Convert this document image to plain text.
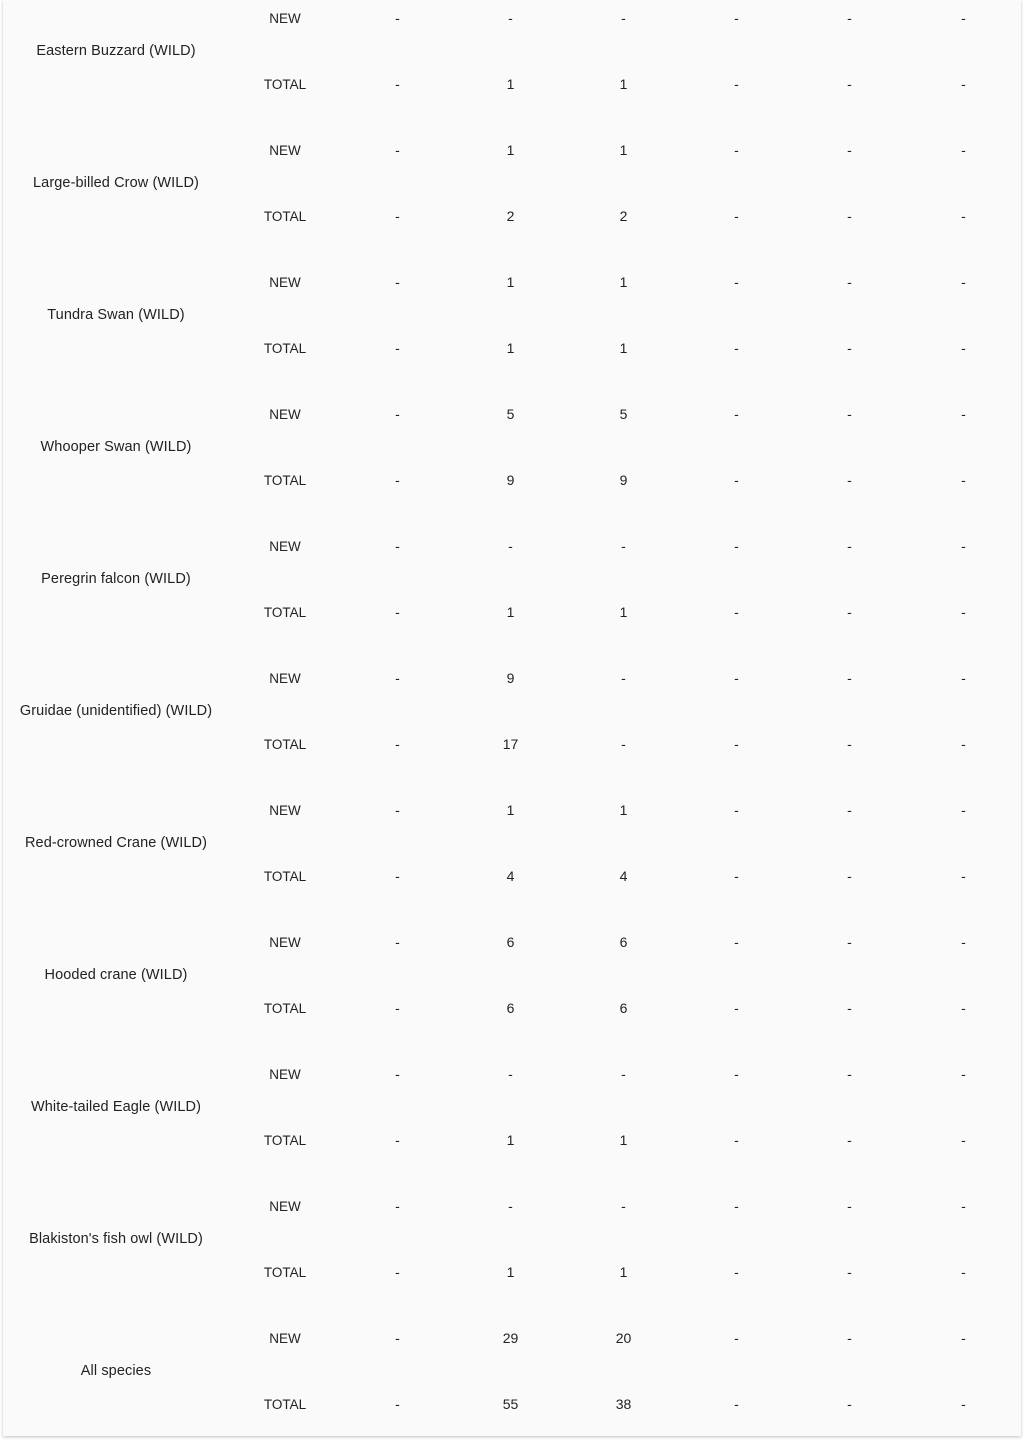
Eastern Buzzard (WILD)	NEW	-	-	-	-	-	-
	TOTAL	-	1	1	-	-	-
Large-billed Crow (WILD)	NEW	-	1	1	-	-	-
	TOTAL	-	2	2	-	-	-
Tundra Swan (WILD)	NEW	-	1	1	-	-	-
	TOTAL	-	1	1	-	-	-
Whooper Swan (WILD)	NEW	-	5	5	-	-	-
	TOTAL	-	9	9	-	-	-
Peregrin falcon (WILD)	NEW	-	-	-	-	-	-
	TOTAL	-	1	1	-	-	-
Gruidae (unidentified) (WILD)	NEW	-	9	-	-	-	-
	TOTAL	-	17	-	-	-	-
Red-crowned Crane (WILD)	NEW	-	1	1	-	-	-
	TOTAL	-	4	4	-	-	-
Hooded crane (WILD)	NEW	-	6	6	-	-	-
	TOTAL	-	6	6	-	-	-
White-tailed Eagle (WILD)	NEW	-	-	-	-	-	-
	TOTAL	-	1	1	-	-	-
Blakiston's fish owl (WILD)	NEW	-	-	-	-	-	-
	TOTAL	-	1	1	-	-	-
All species	NEW	-	29	20	-	-	-
	TOTAL	-	55	38	-	-	-
